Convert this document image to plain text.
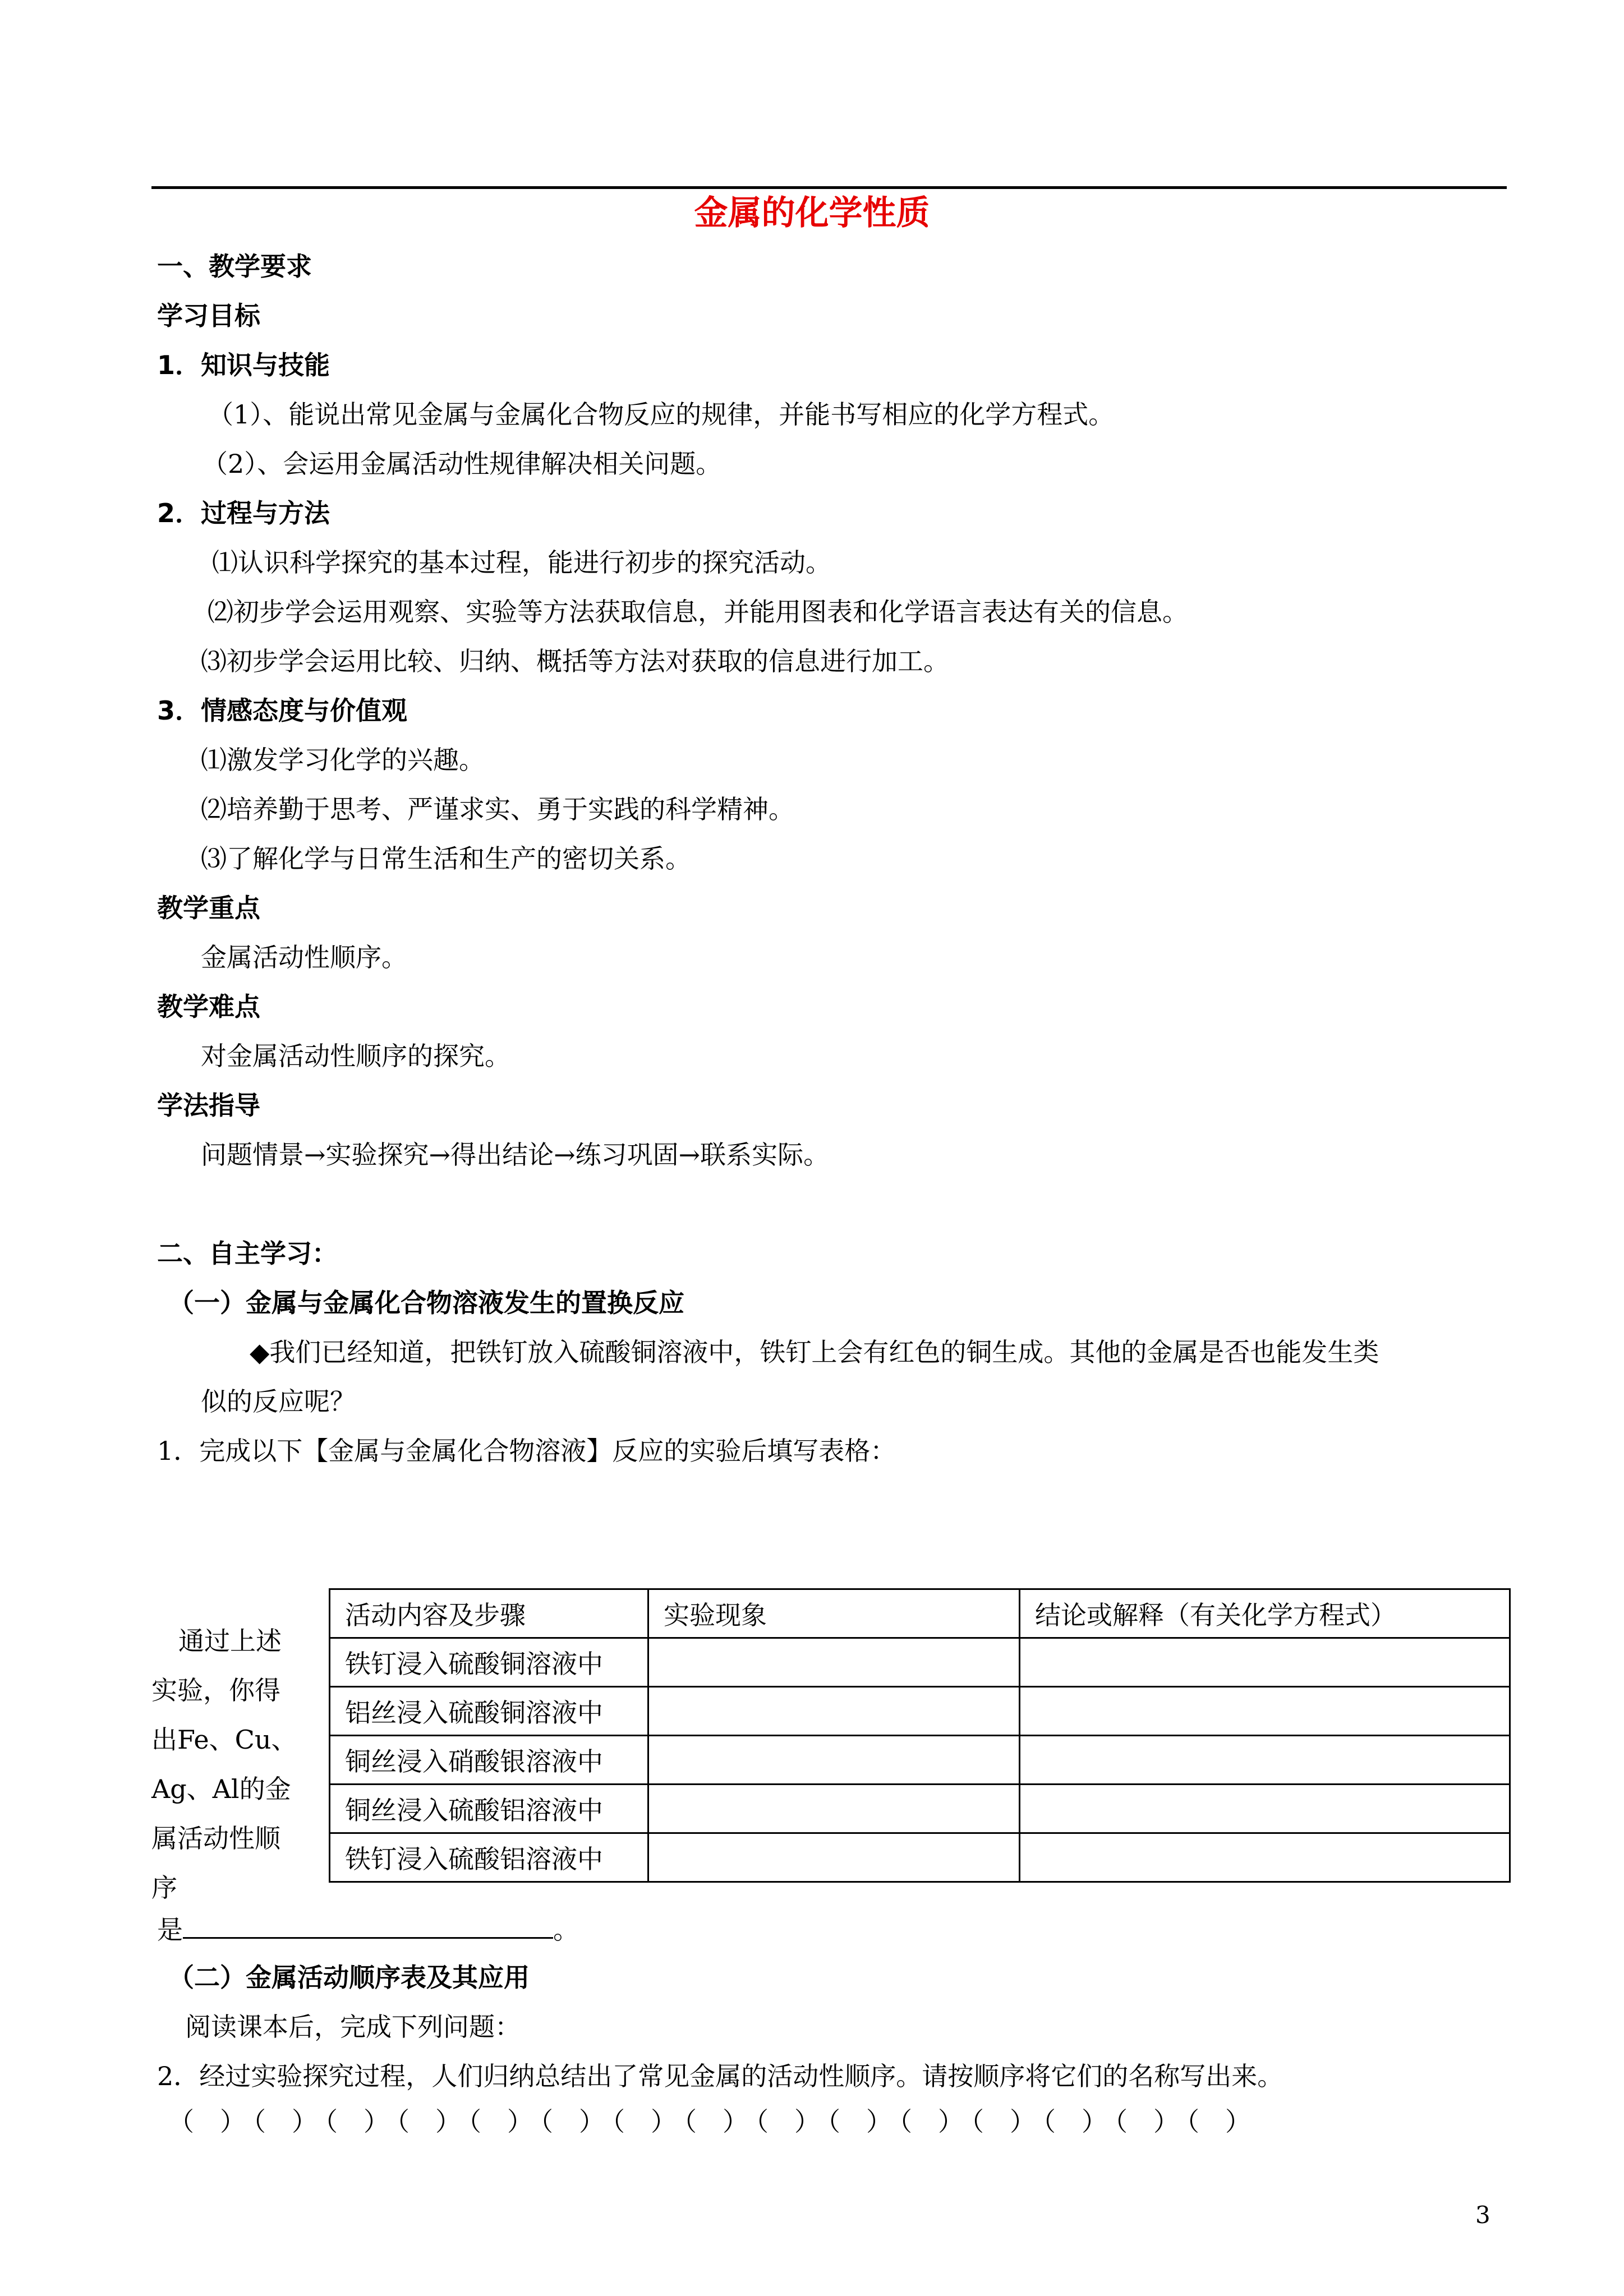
金属的化学性质
一、教学要求
学习目标
1．知识与技能
（1）、能说出常见金属与金属化合物反应的规律，并能书写相应的化学方程式。
（2）、会运用金属活动性规律解决相关问题。
2．过程与方法
⑴认识科学探究的基本过程，能进行初步的探究活动。
⑵初步学会运用观察、实验等方法获取信息，并能用图表和化学语言表达有关的信息。
⑶初步学会运用比较、归纳、概括等方法对获取的信息进行加工。
3．情感态度与价值观
⑴激发学习化学的兴趣。
⑵培养勤于思考、严谨求实、勇于实践的科学精神。
⑶了解化学与日常生活和生产的密切关系。
教学重点
金属活动性顺序。
教学难点
对金属活动性顺序的探究。
学法指导
问题情景→实验探究→得出结论→练习巩固→联系实际。
二、自主学习：
（一）金属与金属化合物溶液发生的置换反应
◆我们已经知道，把铁钉放入硫酸铜溶液中，铁钉上会有红色的铜生成。其他的金属是否也能发生类
似的反应呢？
1．完成以下【金属与金属化合物溶液】反应的实验后填写表格：
通过上述
实验，你得
出Fe、Cu、
Ag、Al的金
属活动性顺
序
是	。
活动内容及步骤	实验现象	结论或解释（有关化学方程式）
铁钉浸入硫酸铜溶液中		
铝丝浸入硫酸铜溶液中		
铜丝浸入硝酸银溶液中		
铜丝浸入硫酸铝溶液中		
铁钉浸入硫酸铝溶液中		
（二）金属活动顺序表及其应用
阅读课本后，完成下列问题：
2．经过实验探究过程，人们归纳总结出了常见金属的活动性顺序。请按顺序将它们的名称写出来。
（　）（　）（　）（　）（　）（　）（　）（　）（　）（　）（　）（　）（　）（　）（　）
3
